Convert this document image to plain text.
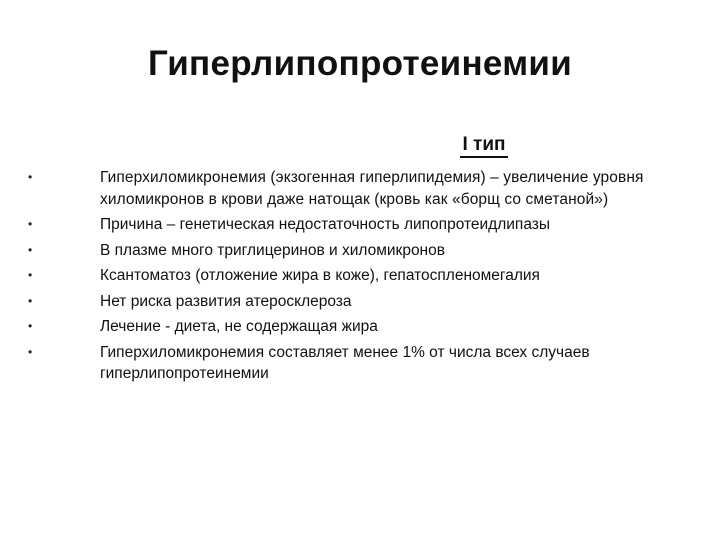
Гиперлипопротеинемии
I тип
•	Гиперхиломикронемия (экзогенная гиперлипидемия) – увеличение уровня хиломикронов в крови даже натощак (кровь как «борщ со сметаной»)
•	Причина – генетическая недостаточность липопротеидлипазы
•	В плазме много триглицеринов и хиломикронов
•	Ксантоматоз (отложение жира в коже), гепатоспленомегалия
•	Нет риска развития атеросклероза
•	Лечение - диета, не содержащая жира
•	Гиперхиломикронемия составляет менее 1% от числа всех случаев гиперлипопротеинемии
